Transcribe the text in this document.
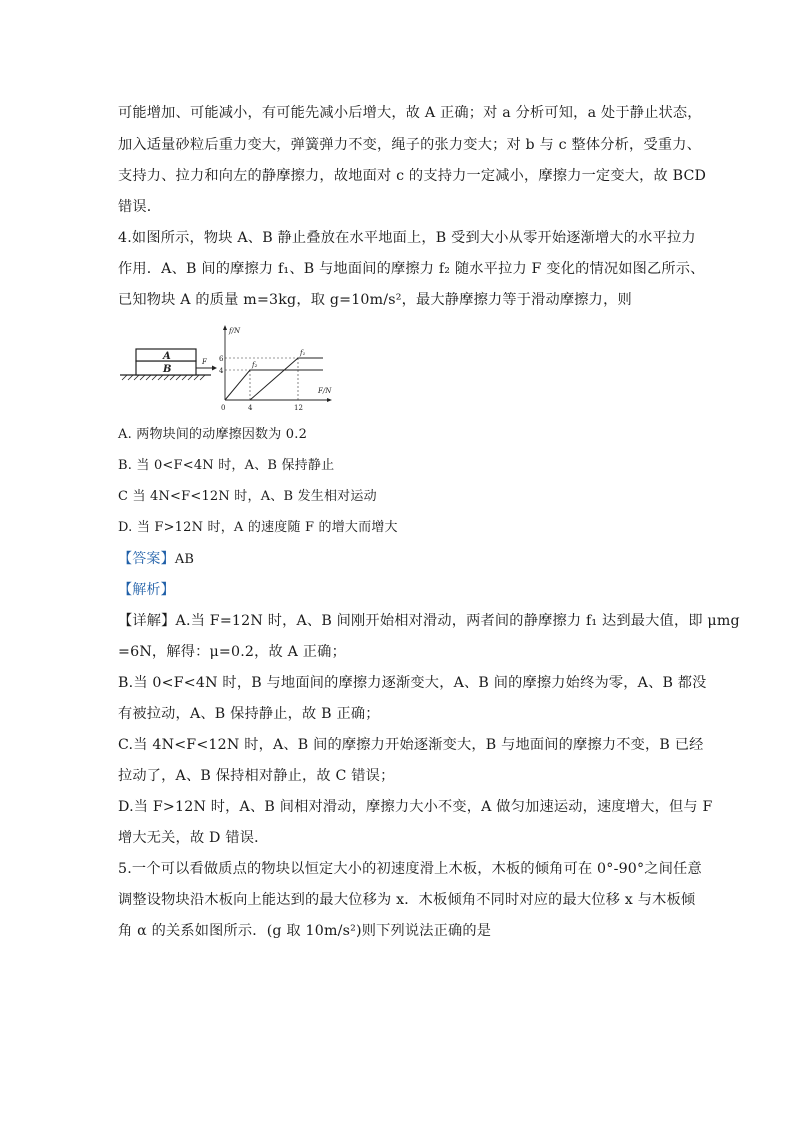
可能增加、可能减小，有可能先减小后增大，故 A 正确；对 a 分析可知，a 处于静止状态，
加入适量砂粒后重力变大，弹簧弹力不变，绳子的张力变大；对 b 与 c 整体分析，受重力、
支持力、拉力和向左的静摩擦力，故地面对 c 的支持力一定减小，摩擦力一定变大，故 BCD
错误．
4.如图所示，物块 A、B 静止叠放在水平地面上，B 受到大小从零开始逐渐增大的水平拉力
作用．A、B 间的摩擦力 f₁、B 与地面间的摩擦力 f₂ 随水平拉力 F 变化的情况如图乙所示、
已知物块 A 的质量 m=3kg，取 g=10m/s²，最大静摩擦力等于滑动摩擦力，则
A
B
F
f/N
F/N
0
6
4
4	12
f₁
f₂
A. 两物块间的动摩擦因数为 0.2
B. 当 0<F<4N 时，A、B 保持静止
C 当 4N<F<12N 时，A、B 发生相对运动
D. 当 F>12N 时，A 的速度随 F 的增大而增大
【答案】AB
【解析】
【详解】A.当 F=12N 时，A、B 间刚开始相对滑动，两者间的静摩擦力 f₁ 达到最大值，即 μmg
=6N，解得：μ=0.2，故 A 正确；
B.当 0<F<4N 时，B 与地面间的摩擦力逐渐变大，A、B 间的摩擦力始终为零，A、B 都没
有被拉动，A、B 保持静止，故 B 正确；
C.当 4N<F<12N 时，A、B 间的摩擦力开始逐渐变大，B 与地面间的摩擦力不变，B 已经
拉动了，A、B 保持相对静止，故 C 错误；
D.当 F>12N 时，A、B 间相对滑动，摩擦力大小不变，A 做匀加速运动，速度增大，但与 F
增大无关，故 D 错误．
5.一个可以看做质点的物块以恒定大小的初速度滑上木板，木板的倾角可在 0°-90°之间任意
调整设物块沿木板向上能达到的最大位移为 x．木板倾角不同时对应的最大位移 x 与木板倾
角 α 的关系如图所示．(g 取 10m/s²)则下列说法正确的是
